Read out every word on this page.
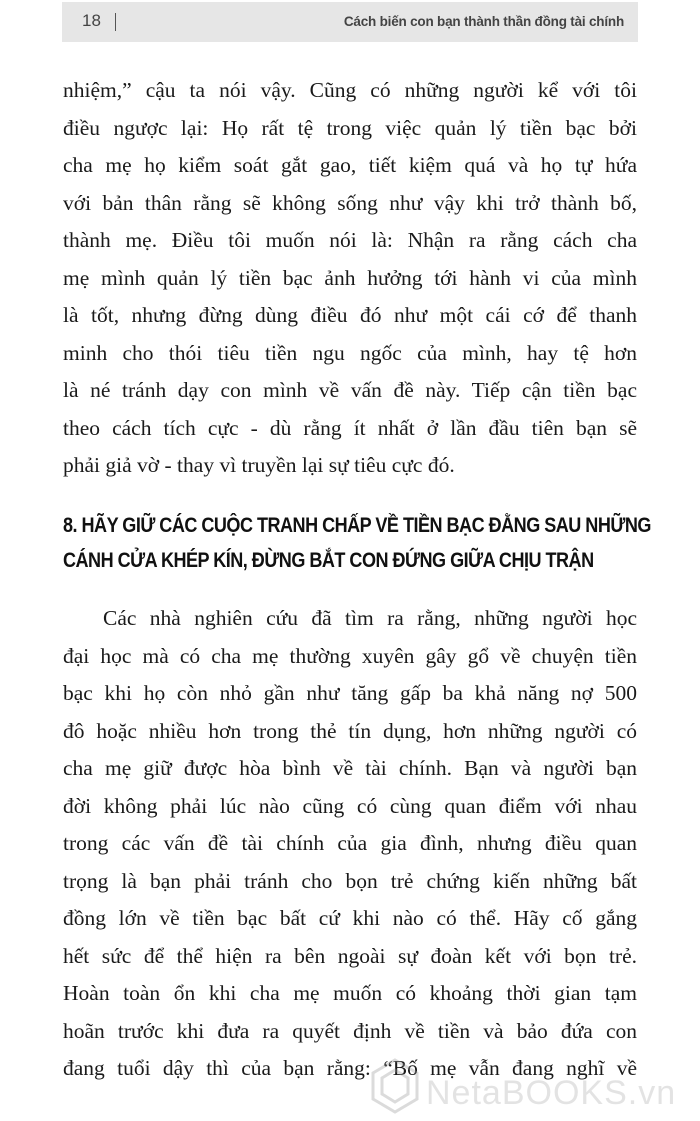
18	Cách biến con bạn thành thần đồng tài chính
nhiệm,” cậu ta nói vậy. Cũng có những người kể với tôi
điều ngược lại: Họ rất tệ trong việc quản lý tiền bạc bởi
cha mẹ họ kiểm soát gắt gao, tiết kiệm quá và họ tự hứa
với bản thân rằng sẽ không sống như vậy khi trở thành bố,
thành mẹ. Điều tôi muốn nói là: Nhận ra rằng cách cha
mẹ mình quản lý tiền bạc ảnh hưởng tới hành vi của mình
là tốt, nhưng đừng dùng điều đó như một cái cớ để thanh
minh cho thói tiêu tiền ngu ngốc của mình, hay tệ hơn
là né tránh dạy con mình về vấn đề này. Tiếp cận tiền bạc
theo cách tích cực - dù rằng ít nhất ở lần đầu tiên bạn sẽ
phải giả vờ - thay vì truyền lại sự tiêu cực đó.
8. HÃY GIỮ CÁC CUỘC TRANH CHẤP VỀ TIỀN BẠC ĐẰNG SAU NHỮNG
CÁNH CỬA KHÉP KÍN, ĐỪNG BẮT CON ĐỨNG GIỮA CHỊU TRẬN
Các nhà nghiên cứu đã tìm ra rằng, những người học
đại học mà có cha mẹ thường xuyên gây gổ về chuyện tiền
bạc khi họ còn nhỏ gần như tăng gấp ba khả năng nợ 500
đô hoặc nhiều hơn trong thẻ tín dụng, hơn những người có
cha mẹ giữ được hòa bình về tài chính. Bạn và người bạn
đời không phải lúc nào cũng có cùng quan điểm với nhau
trong các vấn đề tài chính của gia đình, nhưng điều quan
trọng là bạn phải tránh cho bọn trẻ chứng kiến những bất
đồng lớn về tiền bạc bất cứ khi nào có thể. Hãy cố gắng
hết sức để thể hiện ra bên ngoài sự đoàn kết với bọn trẻ.
Hoàn toàn ổn khi cha mẹ muốn có khoảng thời gian tạm
hoãn trước khi đưa ra quyết định về tiền và bảo đứa con
đang tuổi dậy thì của bạn rằng: “Bố mẹ vẫn đang nghĩ về
NetaBOOKS.vn
